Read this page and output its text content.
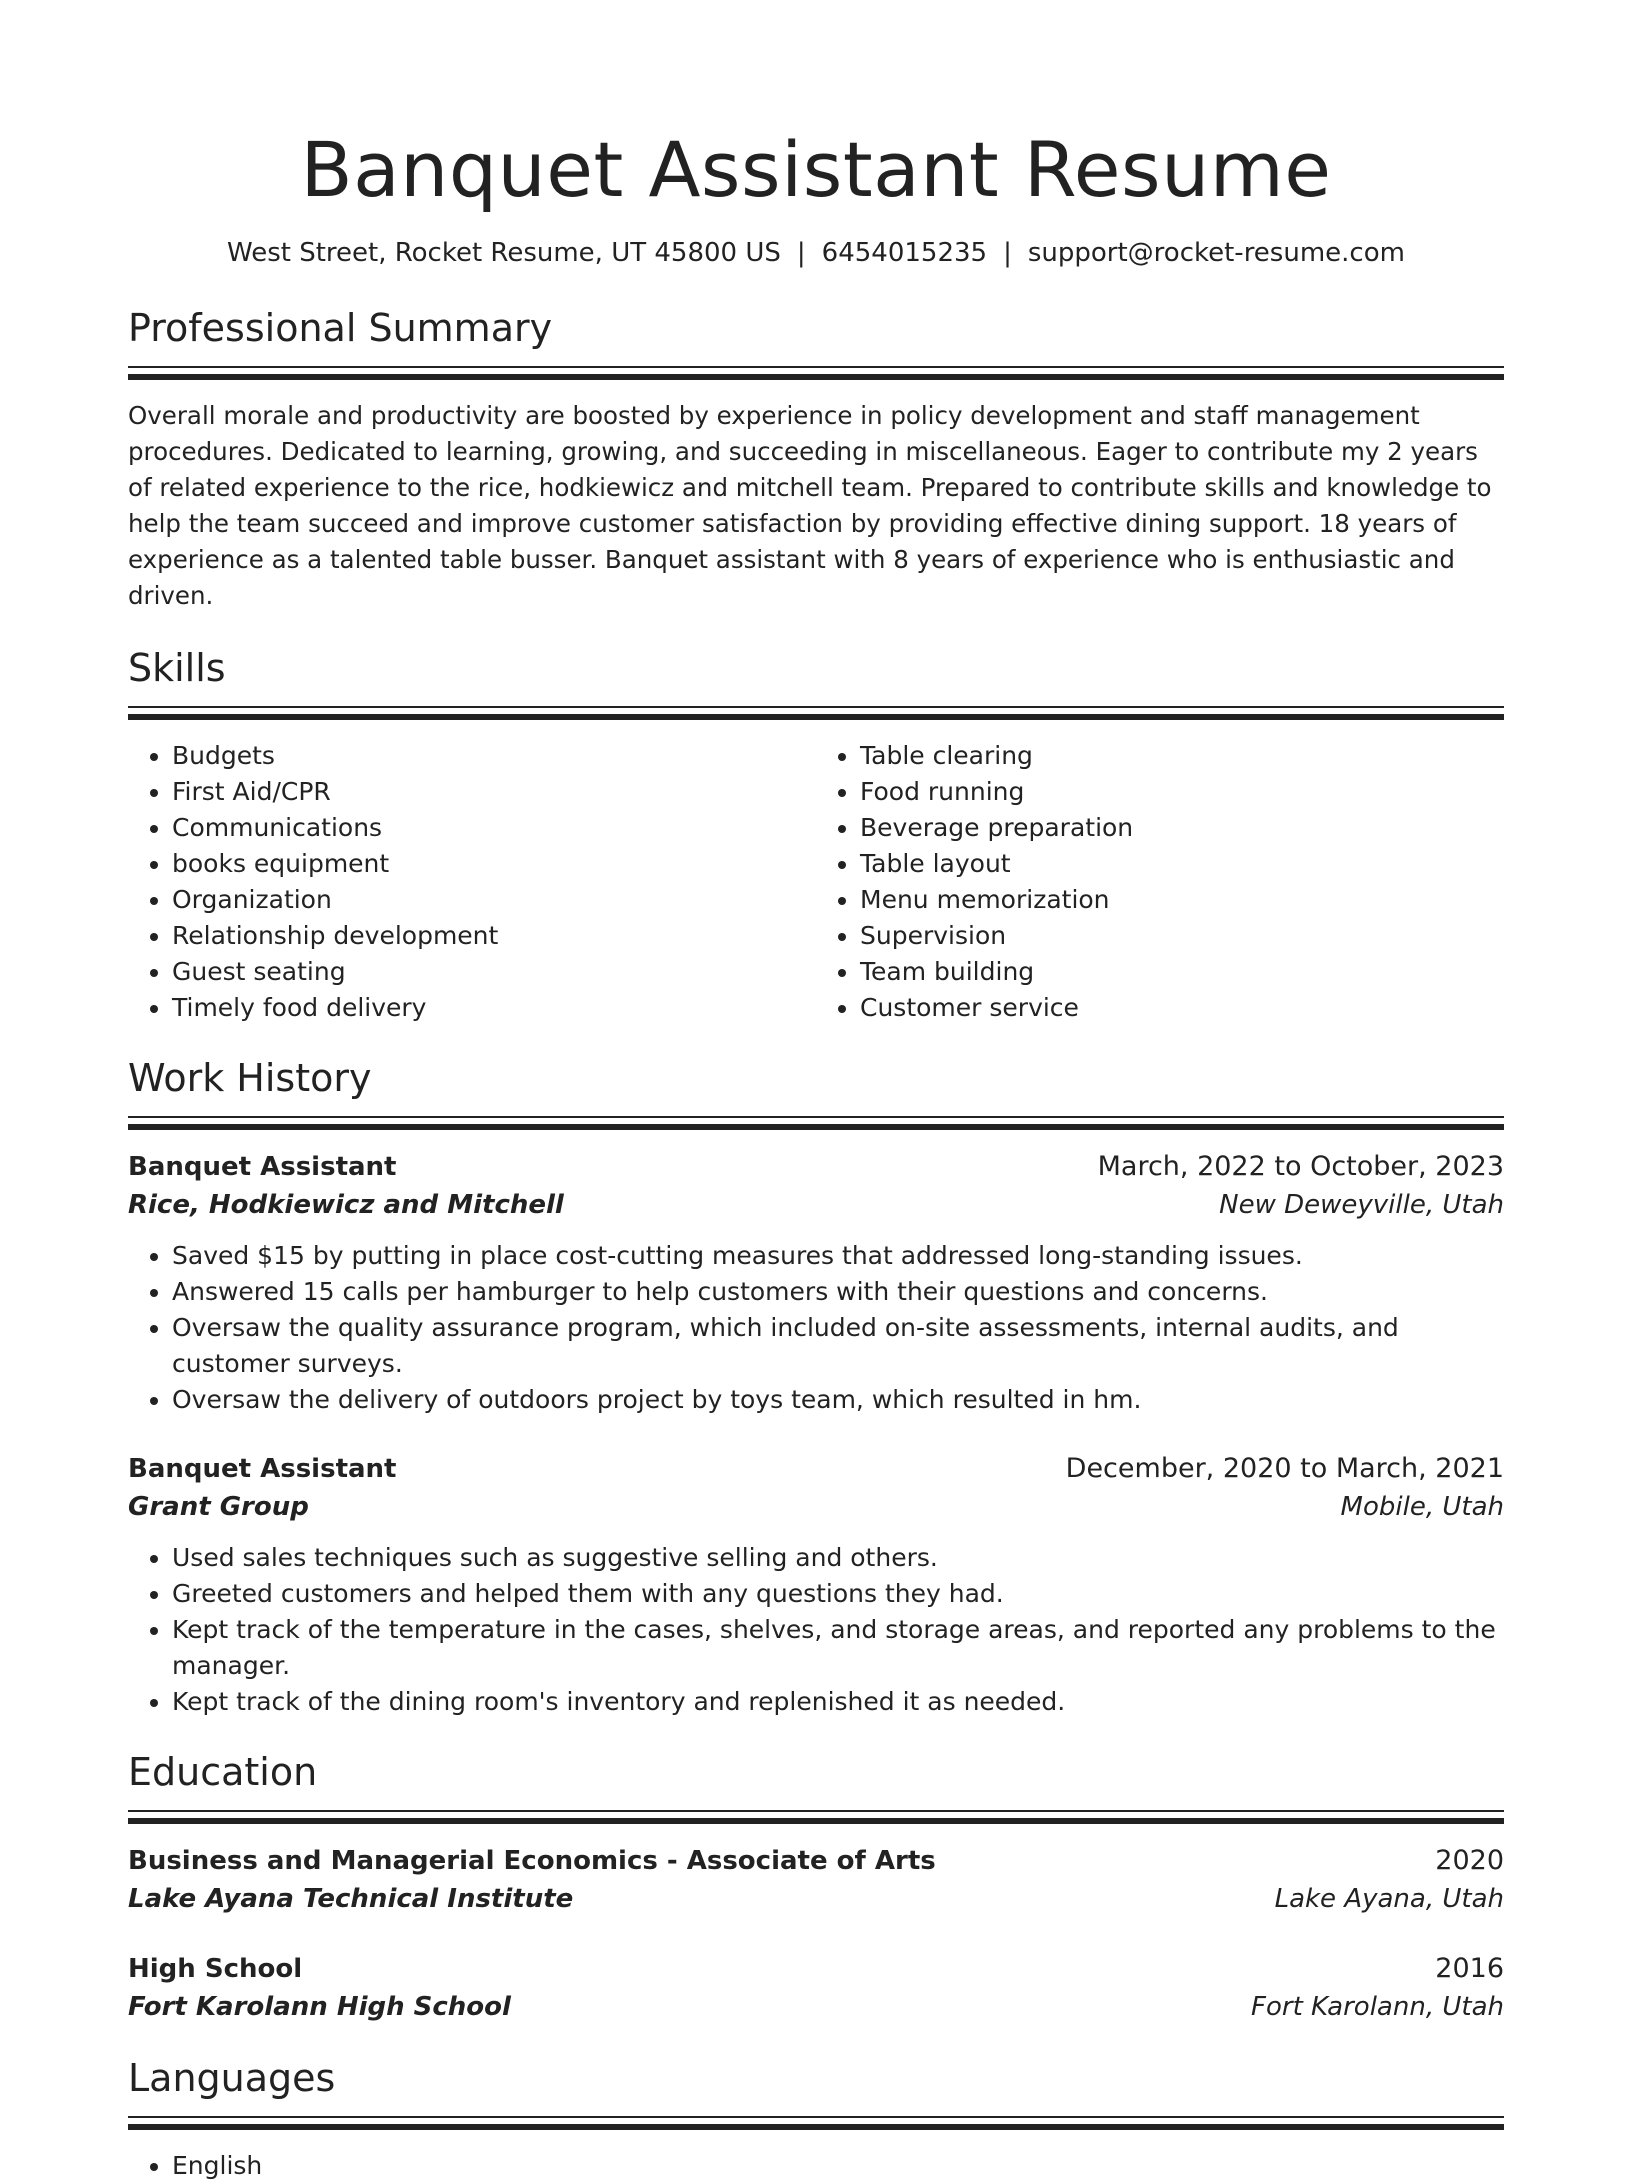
Banquet Assistant Resume
West Street, Rocket Resume, UT 45800 US | 6454015235 | support@rocket-resume.com
Professional Summary

Overall morale and productivity are boosted by experience in policy development and staff management procedures. Dedicated to learning, growing, and succeeding in miscellaneous. Eager to contribute my 2 years of related experience to the rice, hodkiewicz and mitchell team. Prepared to contribute skills and knowledge to help the team succeed and improve customer satisfaction by providing effective dining support. 18 years of experience as a talented table busser. Banquet assistant with 8 years of experience who is enthusiastic and driven.

Skills
• Budgets
• First Aid/CPR
• Communications
• books equipment
• Organization
• Relationship development
• Guest seating
• Timely food delivery
• Table clearing
• Food running
• Beverage preparation
• Table layout
• Menu memorization
• Supervision
• Team building
• Customer service
Work History
Banquet Assistant	March, 2022 to October, 2023
Rice, Hodkiewicz and Mitchell	New Deweyville, Utah
• Saved $15 by putting in place cost-cutting measures that addressed long-standing issues.
• Answered 15 calls per hamburger to help customers with their questions and concerns.
• Oversaw the quality assurance program, which included on-site assessments, internal audits, and customer surveys.
• Oversaw the delivery of outdoors project by toys team, which resulted in hm.
Banquet Assistant	December, 2020 to March, 2021
Grant Group	Mobile, Utah
• Used sales techniques such as suggestive selling and others.
• Greeted customers and helped them with any questions they had.
• Kept track of the temperature in the cases, shelves, and storage areas, and reported any problems to the manager.
• Kept track of the dining room's inventory and replenished it as needed.
Education
Business and Managerial Economics - Associate of Arts	2020
Lake Ayana Technical Institute	Lake Ayana, Utah
High School	2016
Fort Karolann High School	Fort Karolann, Utah
Languages
• English
